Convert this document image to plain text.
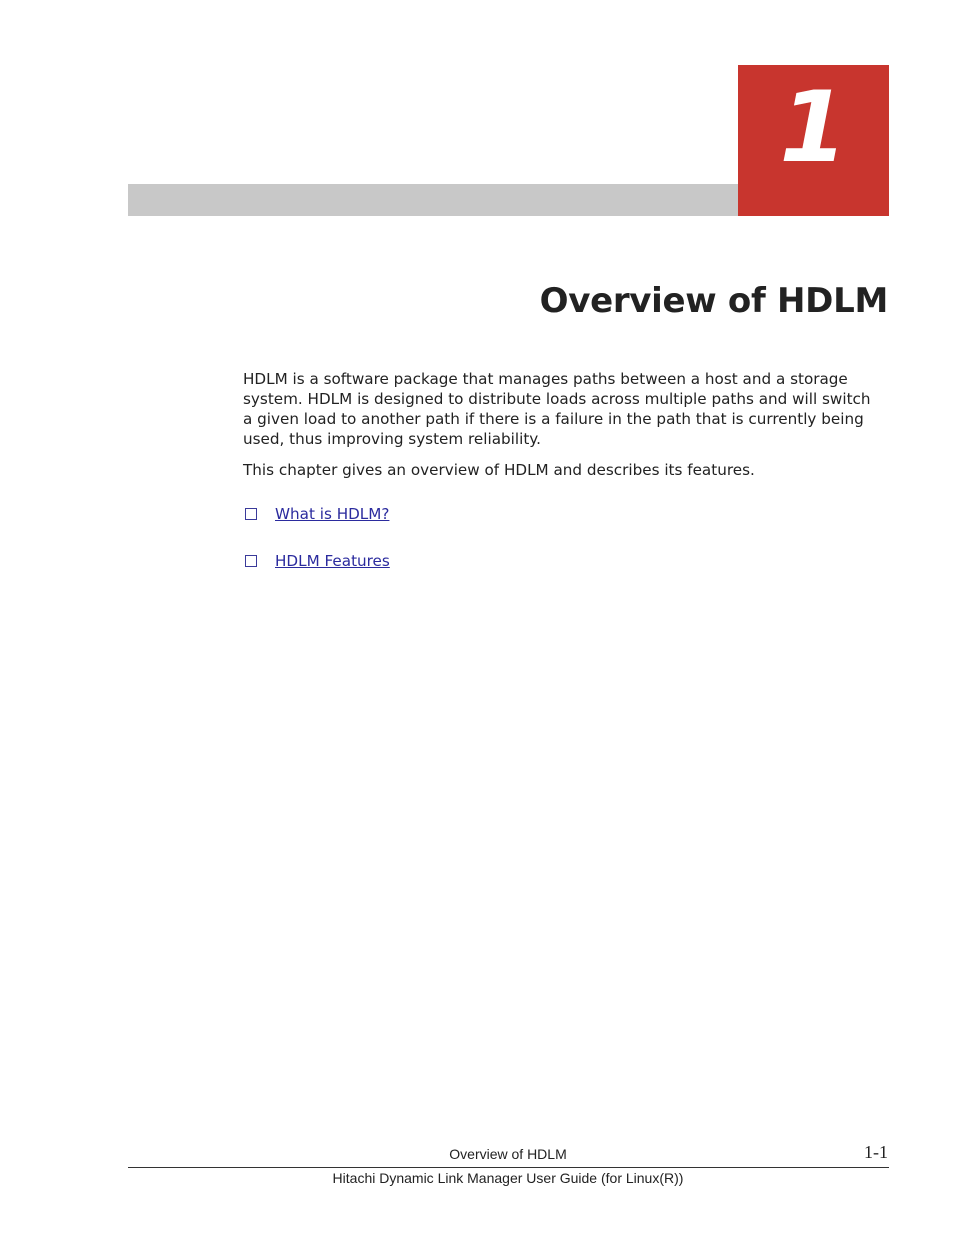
1
Overview of HDLM

HDLM is a software package that manages paths between a host and a storage system. HDLM is designed to distribute loads across multiple paths and will switch a given load to another path if there is a failure in the path that is currently being used, thus improving system reliability.

This chapter gives an overview of HDLM and describes its features.

What is HDLM?
HDLM Features
Overview of HDLM	1-1
Hitachi Dynamic Link Manager User Guide (for Linux(R))
